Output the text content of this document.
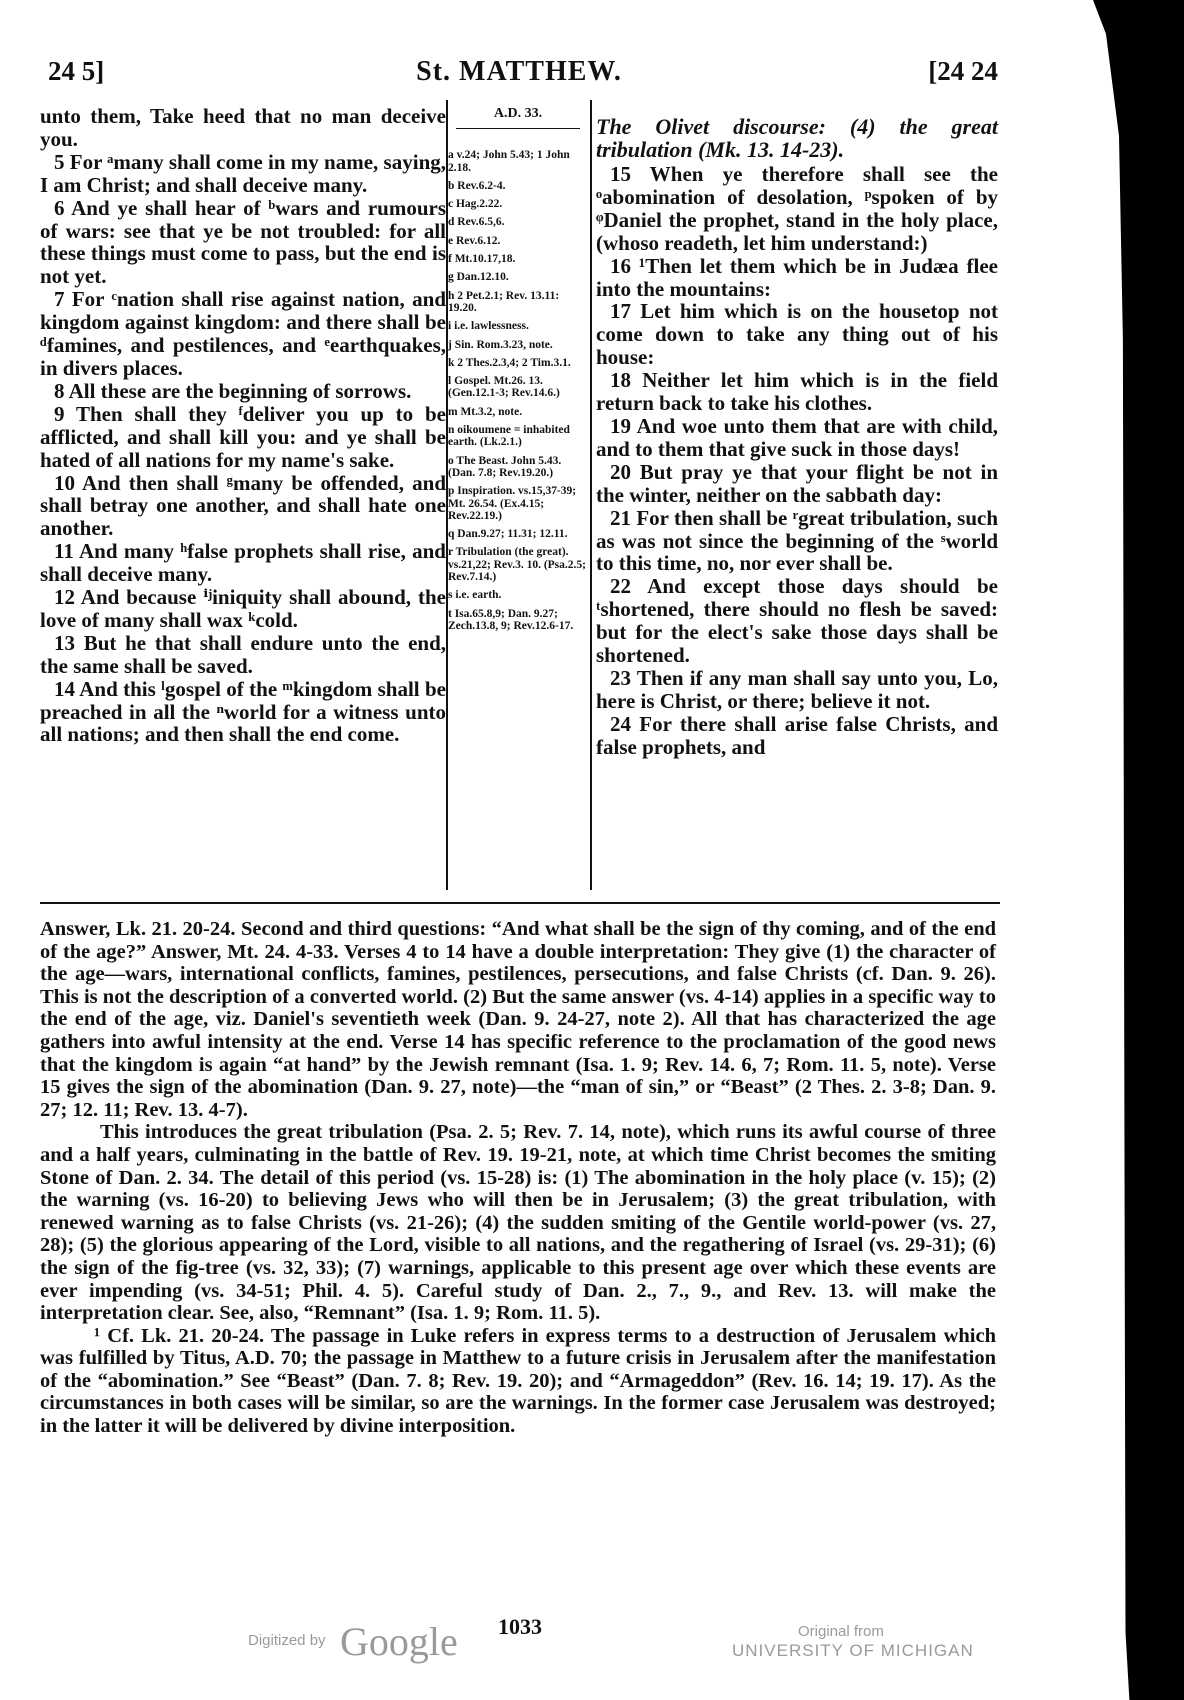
24 5]	St. MATTHEW.	[24 24

unto them, Take heed that no man deceive you.

5 For ᵃmany shall come in my name, saying, I am Christ; and shall deceive many.

6 And ye shall hear of ᵇwars and rumours of wars: see that ye be not troubled: for all these things must come to pass, but the end is not yet.

7 For ᶜnation shall rise against nation, and kingdom against kingdom: and there shall be ᵈfamines, and pestilences, and ᵉearthquakes, in divers places.

8 All these are the beginning of sorrows.

9 Then shall they ᶠdeliver you up to be afflicted, and shall kill you: and ye shall be hated of all nations for my name's sake.

10 And then shall ᵍmany be offended, and shall betray one another, and shall hate one another.

11 And many ʰfalse prophets shall rise, and shall deceive many.

12 And because ⁱʲiniquity shall abound, the love of many shall wax ᵏcold.

13 But he that shall endure unto the end, the same shall be saved.

14 And this ˡgospel of the ᵐkingdom shall be preached in all the ⁿworld for a witness unto all nations; and then shall the end come.

A.D. 33.

a v.24; John 5.43; 1 John 2.18.

b Rev.6.2-4.

c Hag.2.22.

d Rev.6.5,6.

e Rev.6.12.

f Mt.10.17,18.

g Dan.12.10.

h 2 Pet.2.1; Rev. 13.11: 19.20.

i i.e. lawlessness.

j Sin. Rom.3.23, note.

k 2 Thes.2.3,4; 2 Tim.3.1.

l Gospel. Mt.26. 13. (Gen.12.1-3; Rev.14.6.)

m Mt.3.2, note.

n oikoumene = inhabited earth. (Lk.2.1.)

o The Beast. John 5.43. (Dan. 7.8; Rev.19.20.)

p Inspiration. vs.15,37-39; Mt. 26.54. (Ex.4.15; Rev.22.19.)

q Dan.9.27; 11.31; 12.11.

r Tribulation (the great). vs.21,22; Rev.3. 10. (Psa.2.5; Rev.7.14.)

s i.e. earth.

t Isa.65.8,9; Dan. 9.27; Zech.13.8, 9; Rev.12.6-17.

The Olivet discourse: (4) the great tribulation (Mk. 13. 14-23).

15 When ye therefore shall see the ᵒabomination of desolation, ᵖspoken of by ᵠDaniel the prophet, stand in the holy place, (whoso readeth, let him understand:)

16 ¹Then let them which be in Judæa flee into the mountains:

17 Let him which is on the housetop not come down to take any thing out of his house:

18 Neither let him which is in the field return back to take his clothes.

19 And woe unto them that are with child, and to them that give suck in those days!

20 But pray ye that your flight be not in the winter, neither on the sabbath day:

21 For then shall be ʳgreat tribulation, such as was not since the beginning of the ˢworld to this time, no, nor ever shall be.

22 And except those days should be ᵗshortened, there should no flesh be saved: but for the elect's sake those days shall be shortened.

23 Then if any man shall say unto you, Lo, here is Christ, or there; believe it not.

24 For there shall arise false Christs, and false prophets, and

Answer, Lk. 21. 20-24. Second and third questions: “And what shall be the sign of thy coming, and of the end of the age?” Answer, Mt. 24. 4-33. Verses 4 to 14 have a double interpretation: They give (1) the character of the age—wars, international conflicts, famines, pestilences, persecutions, and false Christs (cf. Dan. 9. 26). This is not the description of a converted world. (2) But the same answer (vs. 4-14) applies in a specific way to the end of the age, viz. Daniel's seventieth week (Dan. 9. 24-27, note 2). All that has characterized the age gathers into awful intensity at the end. Verse 14 has specific reference to the proclamation of the good news that the kingdom is again “at hand” by the Jewish remnant (Isa. 1. 9; Rev. 14. 6, 7; Rom. 11. 5, note). Verse 15 gives the sign of the abomination (Dan. 9. 27, note)—the “man of sin,” or “Beast” (2 Thes. 2. 3-8; Dan. 9. 27; 12. 11; Rev. 13. 4-7).

This introduces the great tribulation (Psa. 2. 5; Rev. 7. 14, note), which runs its awful course of three and a half years, culminating in the battle of Rev. 19. 19-21, note, at which time Christ becomes the smiting Stone of Dan. 2. 34. The detail of this period (vs. 15-28) is: (1) The abomination in the holy place (v. 15); (2) the warning (vs. 16-20) to believing Jews who will then be in Jerusalem; (3) the great tribulation, with renewed warning as to false Christs (vs. 21-26); (4) the sudden smiting of the Gentile world-power (vs. 27, 28); (5) the glorious appearing of the Lord, visible to all nations, and the regathering of Israel (vs. 29-31); (6) the sign of the fig-tree (vs. 32, 33); (7) warnings, applicable to this present age over which these events are ever impending (vs. 34-51; Phil. 4. 5). Careful study of Dan. 2., 7., 9., and Rev. 13. will make the interpretation clear. See, also, “Remnant” (Isa. 1. 9; Rom. 11. 5).

¹ Cf. Lk. 21. 20-24. The passage in Luke refers in express terms to a destruction of Jerusalem which was fulfilled by Titus, A.D. 70; the passage in Matthew to a future crisis in Jerusalem after the manifestation of the “abomination.” See “Beast” (Dan. 7. 8; Rev. 19. 20); and “Armageddon” (Rev. 16. 14; 19. 17). As the circumstances in both cases will be similar, so are the warnings. In the former case Jerusalem was destroyed; in the latter it will be delivered by divine interposition.

1033
Digitized by Google	Original from
UNIVERSITY OF MICHIGAN
